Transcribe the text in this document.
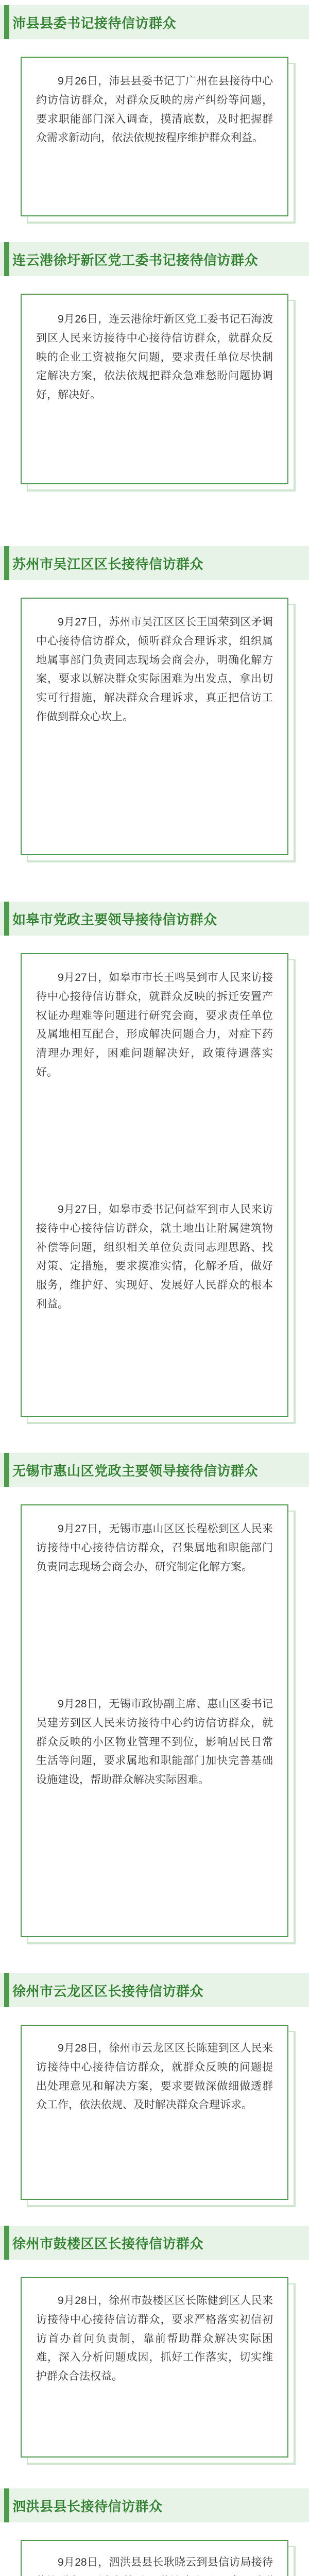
沛县县委书记接待信访群众
9月26日，沛县县委书记丁广州在县接待中心约访信访群众，对群众反映的房产纠纷等问题，要求职能部门深入调查，摸清底数，及时把握群众需求新动向，依法依规按程序维护群众利益。
连云港徐圩新区党工委书记接待信访群众
9月26日，连云港徐圩新区党工委书记石海波到区人民来访接待中心接待信访群众，就群众反映的企业工资被拖欠问题，要求责任单位尽快制定解决方案，依法依规把群众急难愁盼问题协调好，解决好。
苏州市吴江区区长接待信访群众
9月27日，苏州市吴江区区长王国荣到区矛调中心接待信访群众，倾听群众合理诉求，组织属地属事部门负责同志现场会商会办，明确化解方案，要求以解决群众实际困难为出发点，拿出切实可行措施，解决群众合理诉求，真正把信访工作做到群众心坎上。
如皋市党政主要领导接待信访群众
9月27日，如皋市市长王鸣昊到市人民来访接待中心接待信访群众，就群众反映的拆迁安置产权证办理难等问题进行研究会商，要求责任单位及属地相互配合，形成解决问题合力，对症下药清理办理好，困难问题解决好，政策待遇落实好。
9月27日，如皋市委书记何益军到市人民来访接待中心接待信访群众，就土地出让附属建筑物补偿等问题，组织相关单位负责同志理思路、找对策、定措施，要求摸准实情，化解矛盾，做好服务，维护好、实现好、发展好人民群众的根本利益。
无锡市惠山区党政主要领导接待信访群众
9月27日，无锡市惠山区区长程松到区人民来访接待中心接待信访群众，召集属地和职能部门负责同志现场会商会办，研究制定化解方案。
9月28日，无锡市政协副主席、惠山区委书记吴建芳到区人民来访接待中心约访信访群众，就群众反映的小区物业管理不到位，影响居民日常生活等问题，要求属地和职能部门加快完善基础设施建设，帮助群众解决实际困难。
徐州市云龙区区长接待信访群众
9月28日，徐州市云龙区区长陈建到区人民来访接待中心接待信访群众，就群众反映的问题提出处理意见和解决方案，要求要做深做细做透群众工作，依法依规、及时解决群众合理诉求。
徐州市鼓楼区区长接待信访群众
9月28日，徐州市鼓楼区区长陈健到区人民来访接待中心接待信访群众，要求严格落实初信初访首办首问负责制，靠前帮助群众解决实际困难，深入分析问题成因，抓好工作落实，切实维护群众合法权益。
泗洪县县长接待信访群众
9月28日，泗洪县县长耿晓云到县信访局接待
